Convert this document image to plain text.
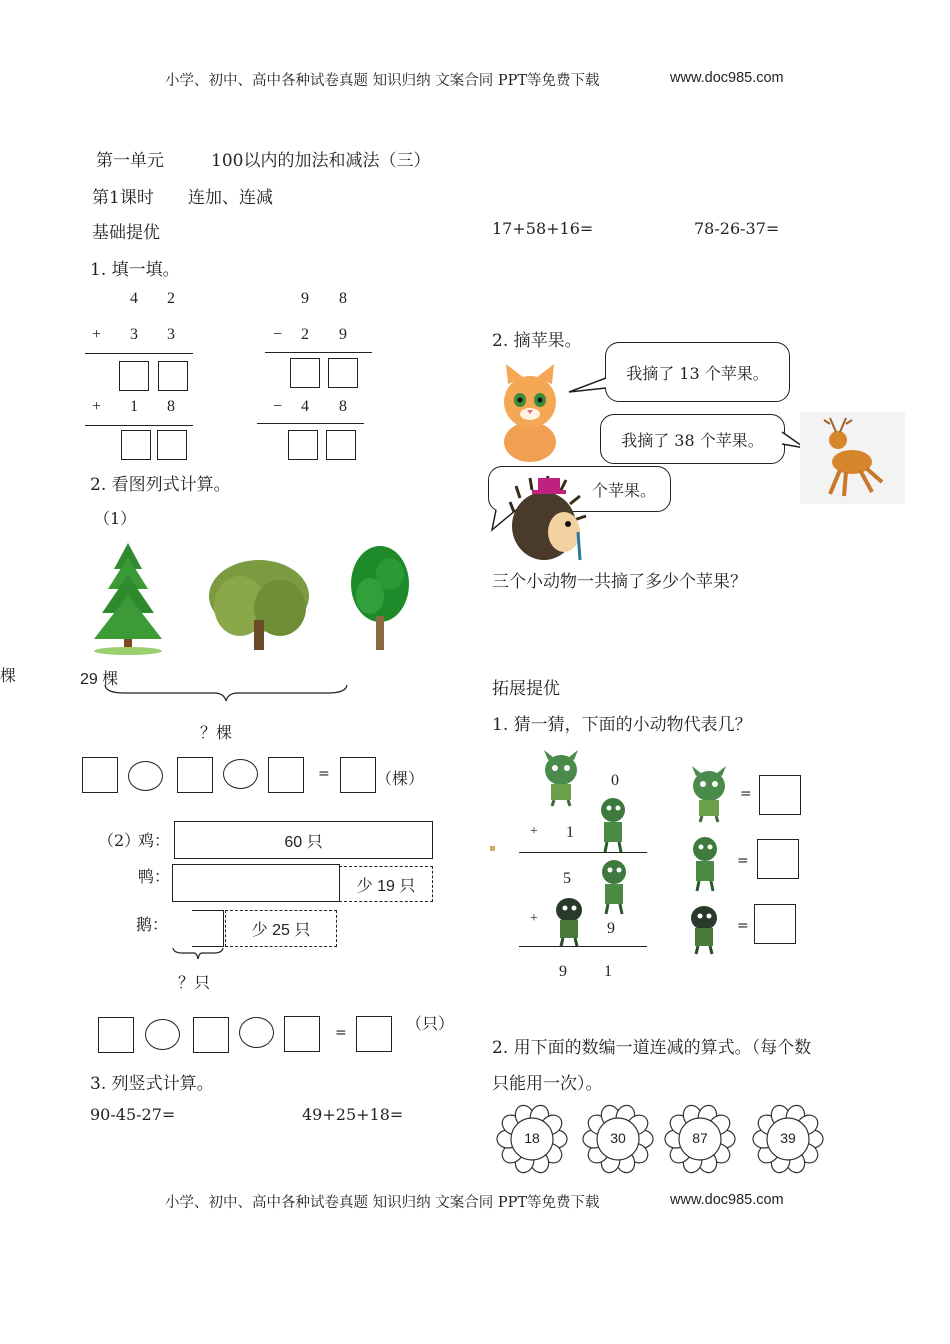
小学、初中、高中各种试卷真题 知识归纳 文案合同 PPT等免费下载	www.doc985.com
小学、初中、高中各种试卷真题 知识归纳 文案合同 PPT等免费下载	www.doc985.com
第一单元	100以内的加法和减法（三）
第1课时 连加、连减
基础提优
1. 填一填。
4 2
+ 3 3
+ 1 8
9 8
− 2 9
− 4 8
2. 看图列式计算。
（1）
棵	29 棵
？棵
=	（棵）
（2）
鸡：	60 只
鸭：	少 19 只
鹅：	少 25 只
？只
=	（只）
3. 列竖式计算。
90-45-27=	49+25+18=
17+58+16=	78-26-37=
2. 摘苹果。
我摘了 13 个苹果。
我摘了 38 个苹果。
个苹果。
三个小动物一共摘了多少个苹果？
拓展提优
1. 猜一猜，下面的小动物代表几？
0
+ 1
5
+
9
9 1
=
=
=
2. 用下面的数编一道连减的算式。（每个数
只能用一次）。
18	30	87	39
